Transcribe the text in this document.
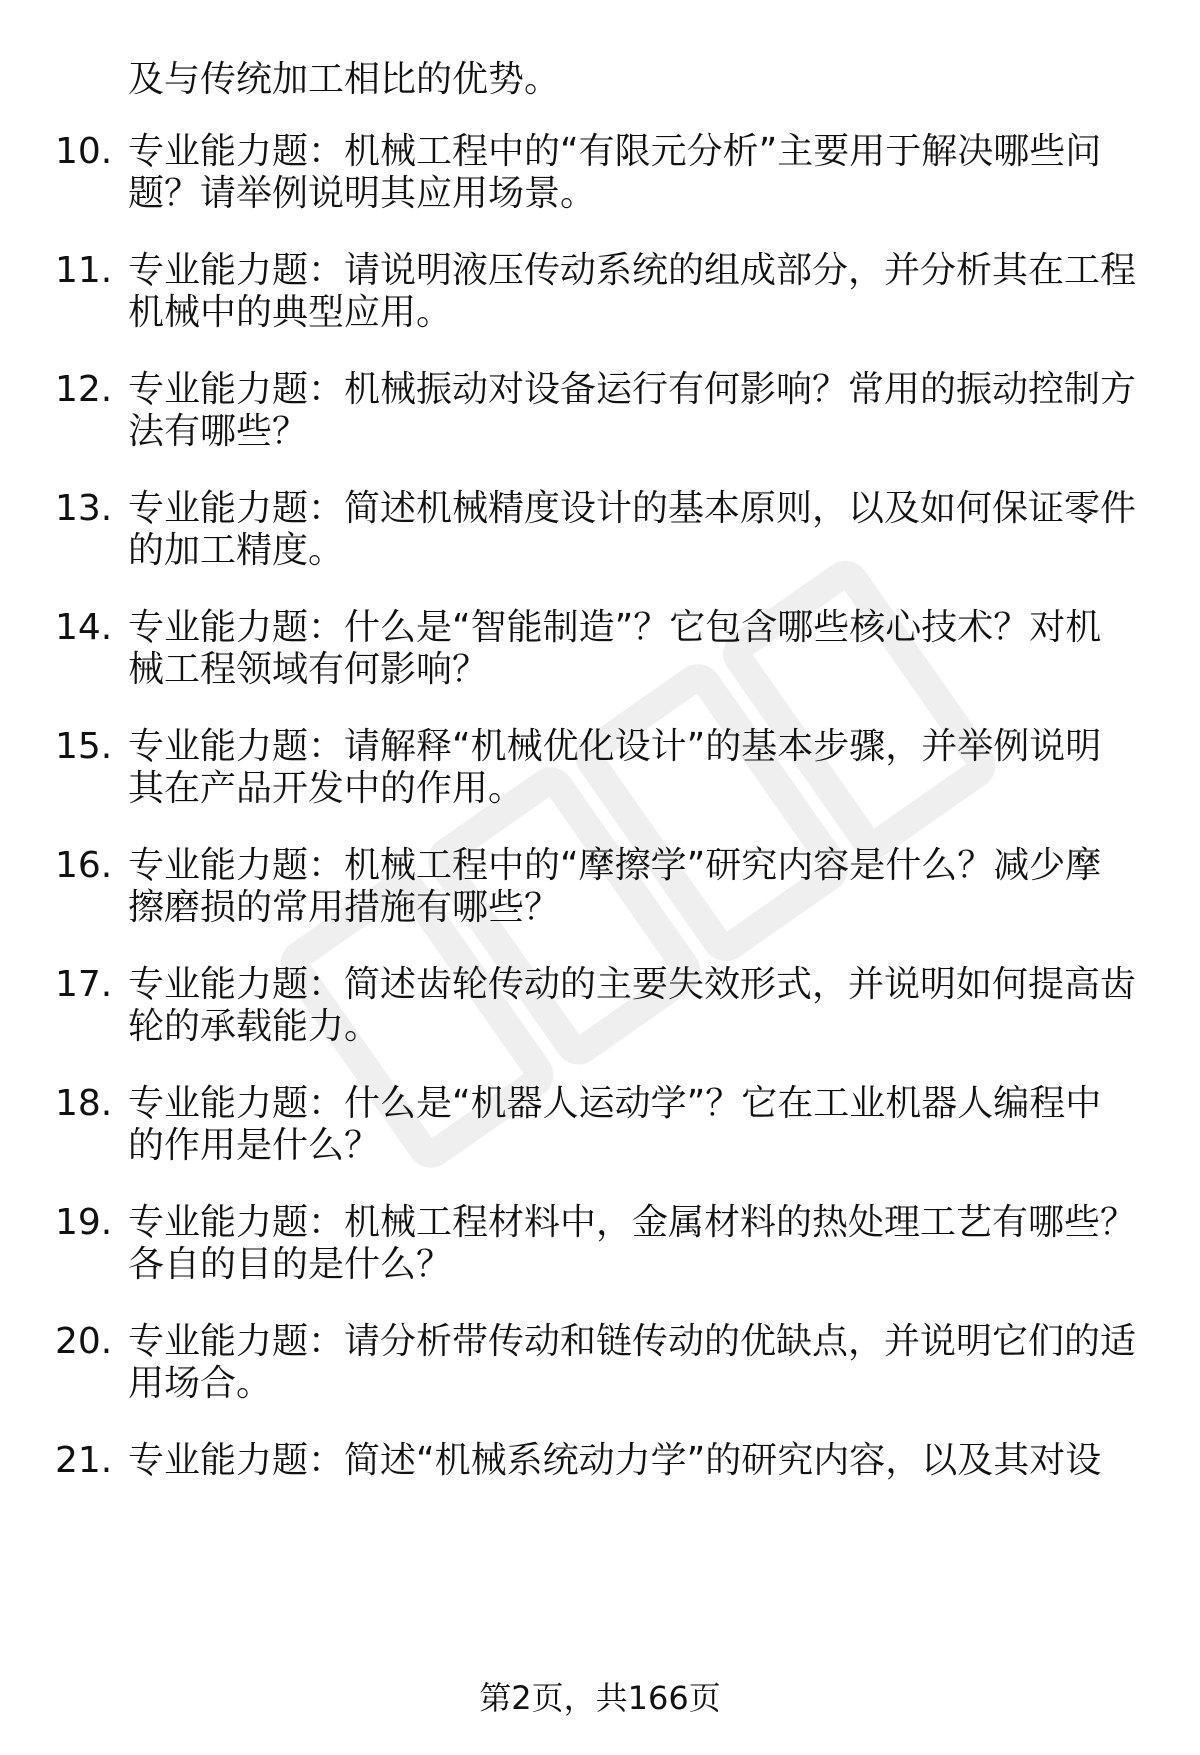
及与传统加工相比的优势。
10. 专业能力题：机械工程中的“有限元分析”主要用于解决哪些问
题？请举例说明其应用场景。
11. 专业能力题：请说明液压传动系统的组成部分，并分析其在工程
机械中的典型应用。
12. 专业能力题：机械振动对设备运行有何影响？常用的振动控制方
法有哪些？
13. 专业能力题：简述机械精度设计的基本原则，以及如何保证零件
的加工精度。
14. 专业能力题：什么是“智能制造”？它包含哪些核心技术？对机
械工程领域有何影响？
15. 专业能力题：请解释“机械优化设计”的基本步骤，并举例说明
其在产品开发中的作用。
16. 专业能力题：机械工程中的“摩擦学”研究内容是什么？减少摩
擦磨损的常用措施有哪些？
17. 专业能力题：简述齿轮传动的主要失效形式，并说明如何提高齿
轮的承载能力。
18. 专业能力题：什么是“机器人运动学”？它在工业机器人编程中
的作用是什么？
19. 专业能力题：机械工程材料中，金属材料的热处理工艺有哪些？
各自的目的是什么？
20. 专业能力题：请分析带传动和链传动的优缺点，并说明它们的适
用场合。
21. 专业能力题：简述“机械系统动力学”的研究内容，以及其对设
第2页，共166页
